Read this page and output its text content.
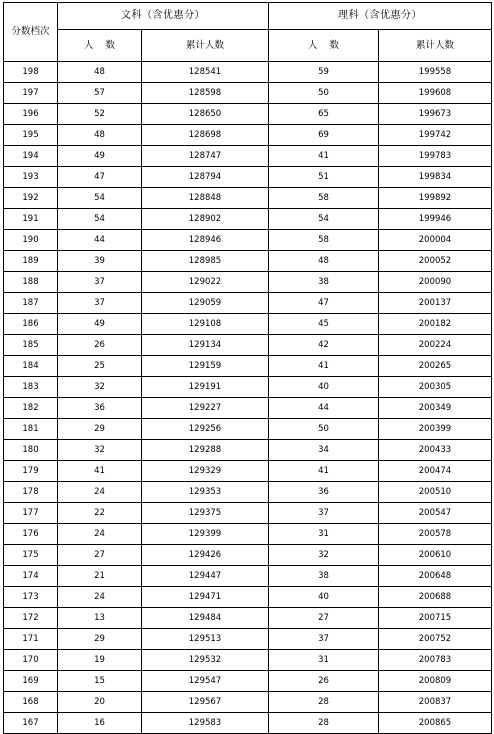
分数档次	文科（含优惠分）		理科（含优惠分）	
	人    数	累计人数	人    数	累计人数
198	48	128541	59	199558
197	57	128598	50	199608
196	52	128650	65	199673
195	48	128698	69	199742
194	49	128747	41	199783
193	47	128794	51	199834
192	54	128848	58	199892
191	54	128902	54	199946
190	44	128946	58	200004
189	39	128985	48	200052
188	37	129022	38	200090
187	37	129059	47	200137
186	49	129108	45	200182
185	26	129134	42	200224
184	25	129159	41	200265
183	32	129191	40	200305
182	36	129227	44	200349
181	29	129256	50	200399
180	32	129288	34	200433
179	41	129329	41	200474
178	24	129353	36	200510
177	22	129375	37	200547
176	24	129399	31	200578
175	27	129426	32	200610
174	21	129447	38	200648
173	24	129471	40	200688
172	13	129484	27	200715
171	29	129513	37	200752
170	19	129532	31	200783
169	15	129547	26	200809
168	20	129567	28	200837
167	16	129583	28	200865
